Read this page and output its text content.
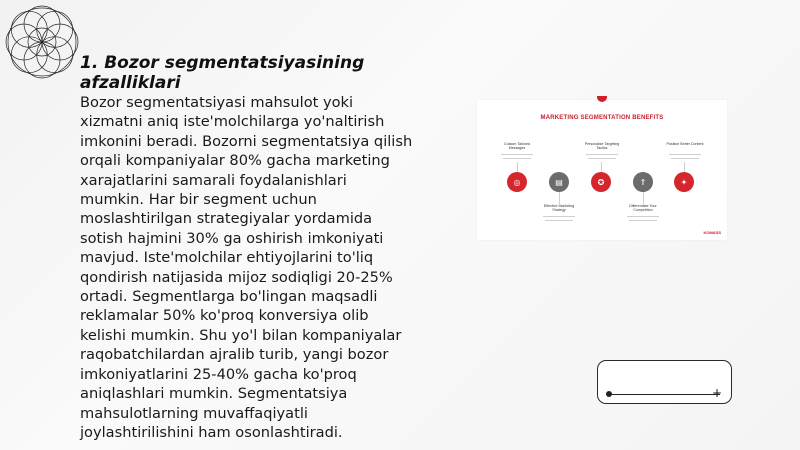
1. Bozor segmentatsiyasining afzalliklari
Bozor segmentatsiyasi mahsulot yoki xizmatni aniq iste'molchilarga yo'naltirish imkonini beradi. Bozorni segmentatsiya qilish orqali kompaniyalar 80% gacha marketing xarajatlarini samarali foydalanishlari mumkin. Har bir segment uchun moslashtirilgan strategiyalar yordamida sotish hajmini 30% ga oshirish imkoniyati mavjud. Iste'molchilar ehtiyojlarini to'liq qondirish natijasida mijoz sodiqligi 20-25% ortadi. Segmentlarga bo'lingan maqsadli reklamalar 50% ko'proq konversiya olib kelishi mumkin. Shu yo'l bilan kompaniyalar raqobatchilardan ajralib turib, yangi bozor imkoniyatlarini 25-40% gacha ko'proq aniqlashlari mumkin. Segmentatsiya mahsulotlarning muvaffaqiyatli joylashtirilishini ham osonlashtiradi.
MARKETING SEGMENTATION BENEFITS
Custom Tailored Messages
Personalize Targeting Tactics
Position Better Content
◎	▤	✪	⇑	✦
Effective Marketing Strategy
Differentiate Your Competition
KOMASS
+
